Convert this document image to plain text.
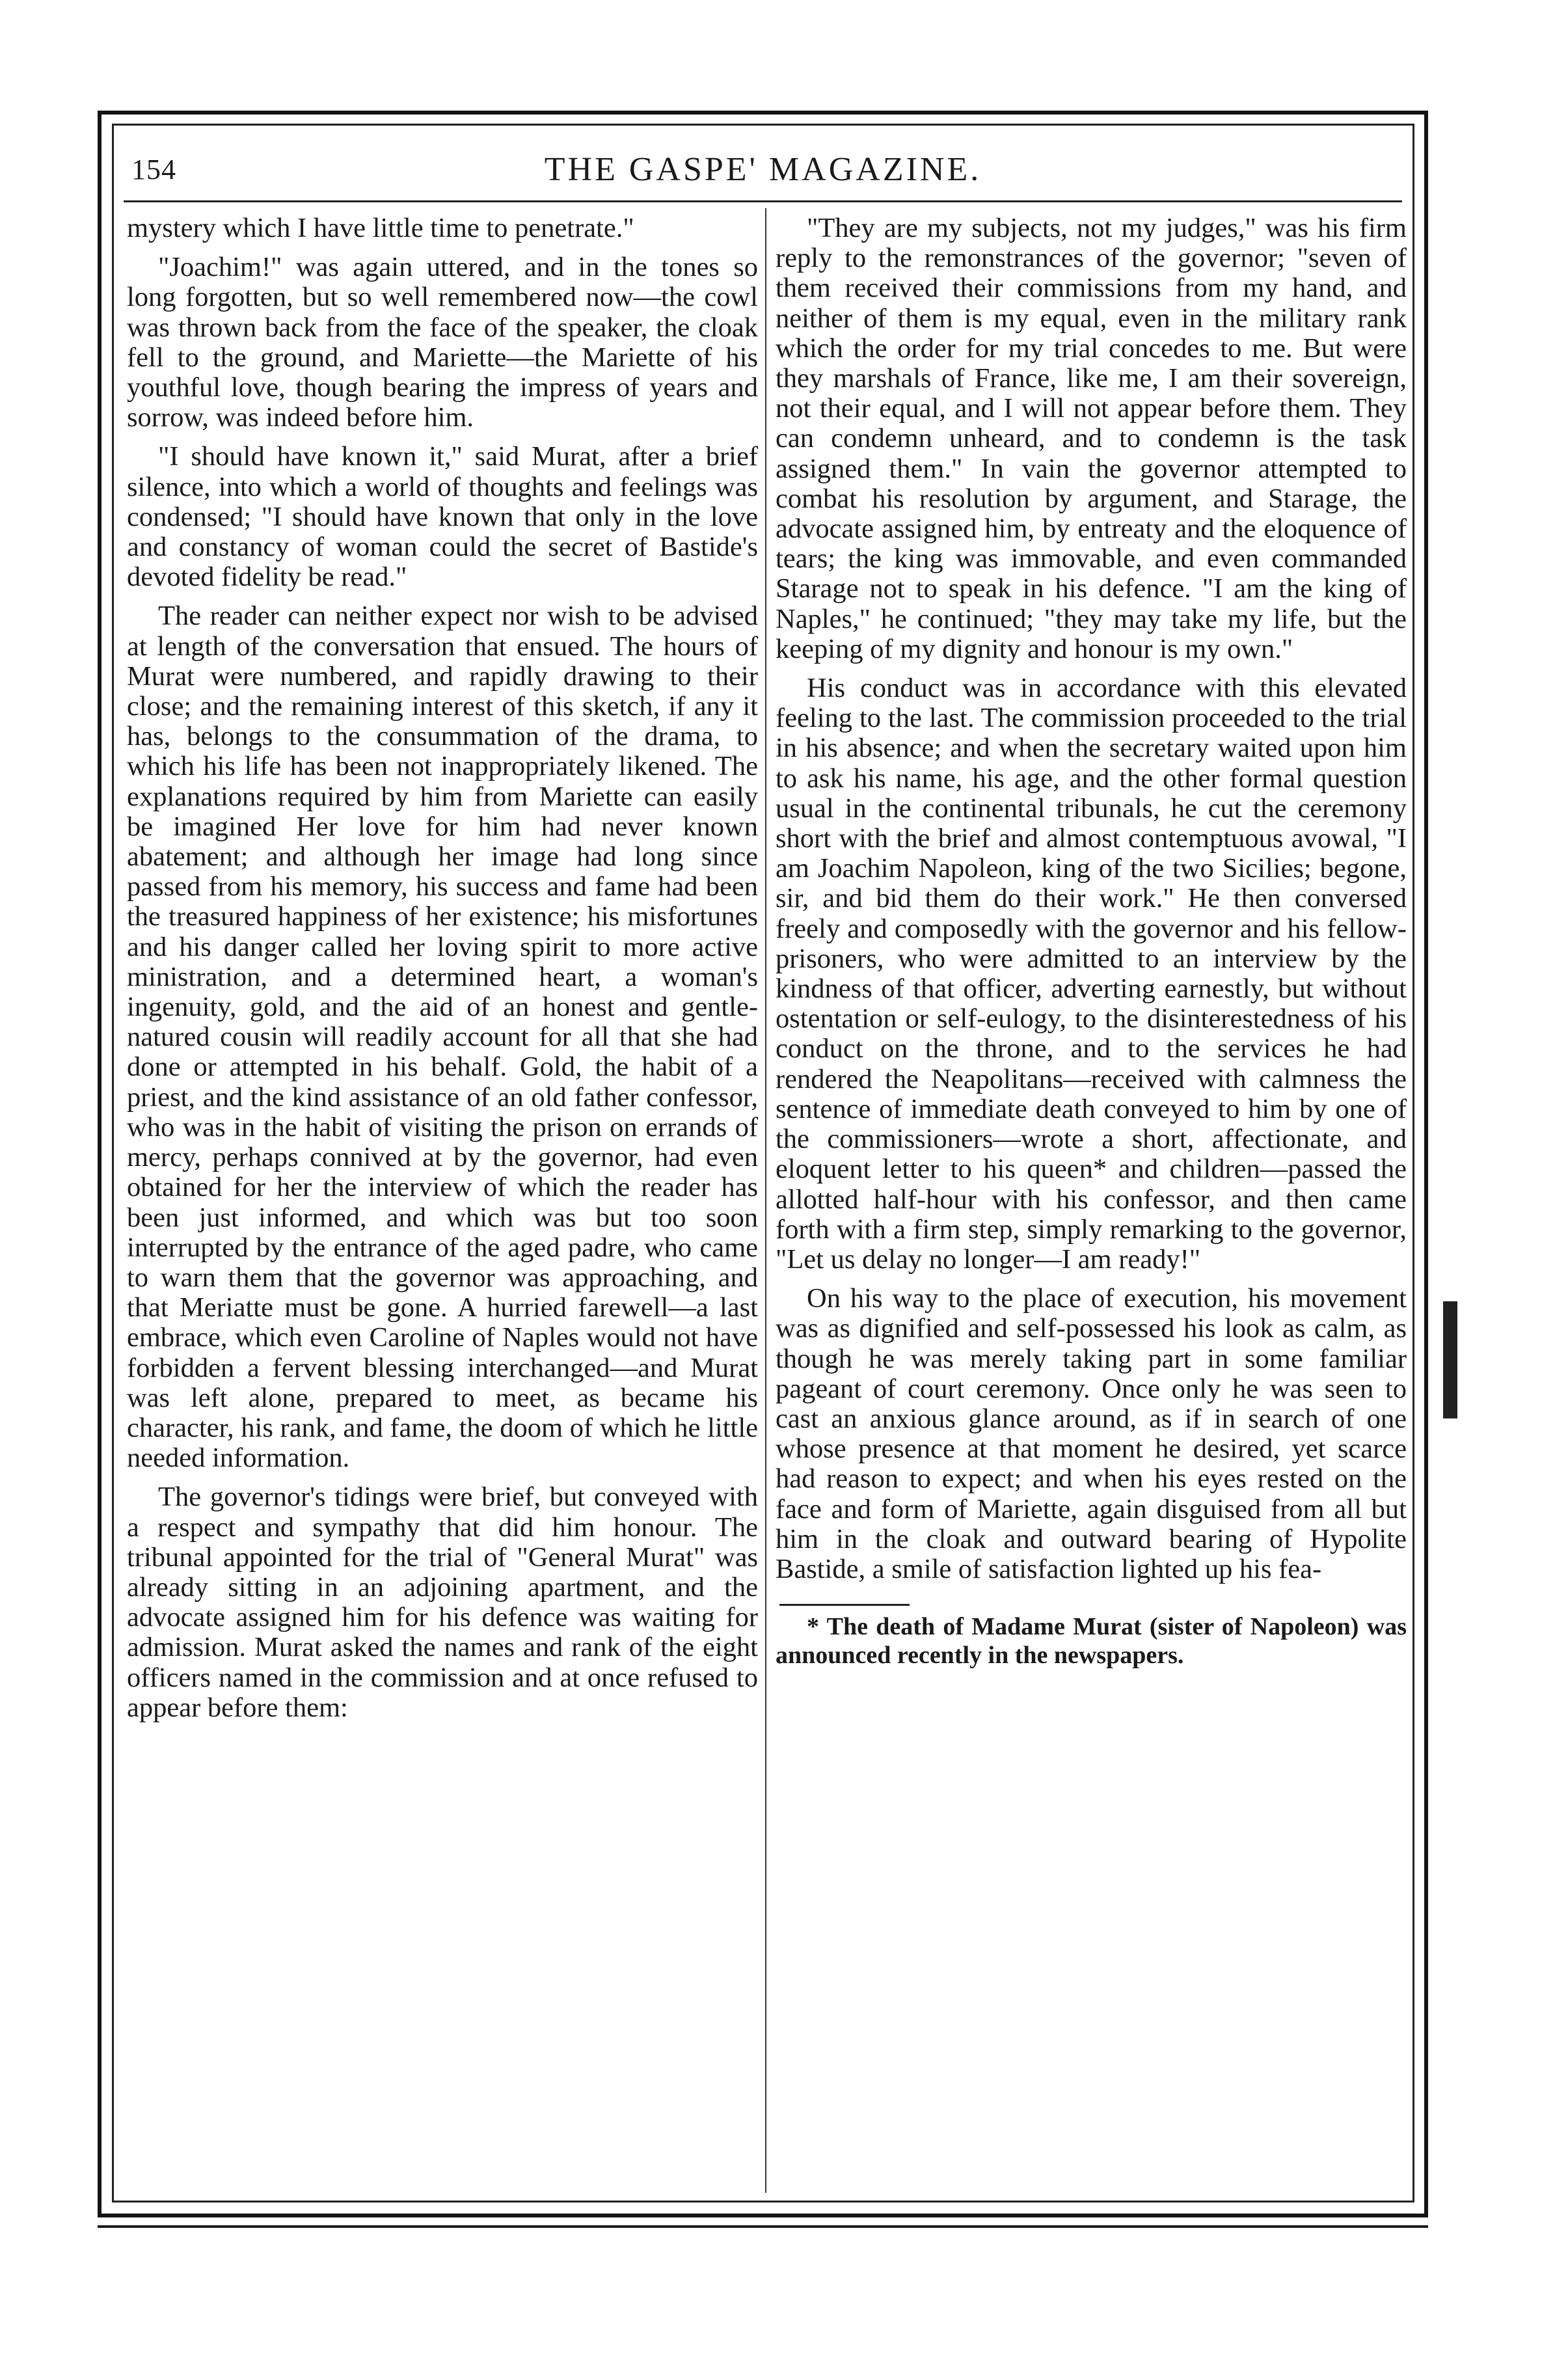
154	THE GASPE' MAGAZINE.

mystery which I have little time to penetrate."

"Joachim!" was again uttered, and in the tones so long forgotten, but so well remembered now—the cowl was thrown back from the face of the speaker, the cloak fell to the ground, and Mariette—the Mariette of his youthful love, though bearing the impress of years and sorrow, was indeed before him.

"I should have known it," said Murat, after a brief silence, into which a world of thoughts and feelings was condensed; "I should have known that only in the love and constancy of woman could the secret of Bastide's devoted fidelity be read."

The reader can neither expect nor wish to be advised at length of the conversation that ensued. The hours of Murat were numbered, and rapidly drawing to their close; and the remaining interest of this sketch, if any it has, belongs to the consummation of the drama, to which his life has been not inappropriately likened. The explanations required by him from Mariette can easily be imagined Her love for him had never known abatement; and although her image had long since passed from his memory, his success and fame had been the treasured happiness of her existence; his misfortunes and his danger called her loving spirit to more active ministration, and a determined heart, a woman's ingenuity, gold, and the aid of an honest and gentle-natured cousin will readily account for all that she had done or attempted in his behalf. Gold, the habit of a priest, and the kind assistance of an old father confessor, who was in the habit of visiting the prison on errands of mercy, perhaps connived at by the governor, had even obtained for her the interview of which the reader has been just informed, and which was but too soon interrupted by the entrance of the aged padre, who came to warn them that the governor was approaching, and that Meriatte must be gone. A hurried farewell—a last embrace, which even Caroline of Naples would not have forbidden a fervent blessing interchanged—and Murat was left alone, prepared to meet, as became his character, his rank, and fame, the doom of which he little needed information.

The governor's tidings were brief, but conveyed with a respect and sympathy that did him honour. The tribunal appointed for the trial of "General Murat" was already sitting in an adjoining apartment, and the advocate assigned him for his defence was waiting for admission. Murat asked the names and rank of the eight officers named in the commission and at once refused to appear before them:

"They are my subjects, not my judges," was his firm reply to the remonstrances of the governor; "seven of them received their commissions from my hand, and neither of them is my equal, even in the military rank which the order for my trial concedes to me. But were they marshals of France, like me, I am their sovereign, not their equal, and I will not appear before them. They can condemn unheard, and to condemn is the task assigned them." In vain the governor attempted to combat his resolution by argument, and Starage, the advocate assigned him, by entreaty and the eloquence of tears; the king was immovable, and even commanded Starage not to speak in his defence. "I am the king of Naples," he continued; "they may take my life, but the keeping of my dignity and honour is my own."

His conduct was in accordance with this elevated feeling to the last. The commission proceeded to the trial in his absence; and when the secretary waited upon him to ask his name, his age, and the other formal question usual in the continental tribunals, he cut the ceremony short with the brief and almost contemptuous avowal, "I am Joachim Napoleon, king of the two Sicilies; begone, sir, and bid them do their work." He then conversed freely and composedly with the governor and his fellow-prisoners, who were admitted to an interview by the kindness of that officer, adverting earnestly, but without ostentation or self-eulogy, to the disinterestedness of his conduct on the throne, and to the services he had rendered the Neapolitans—received with calmness the sentence of immediate death conveyed to him by one of the commissioners—wrote a short, affectionate, and eloquent letter to his queen* and children—passed the allotted half-hour with his confessor, and then came forth with a firm step, simply remarking to the governor, "Let us delay no longer—I am ready!"

On his way to the place of execution, his movement was as dignified and self-possessed his look as calm, as though he was merely taking part in some familiar pageant of court ceremony. Once only he was seen to cast an anxious glance around, as if in search of one whose presence at that moment he desired, yet scarce had reason to expect; and when his eyes rested on the face and form of Mariette, again disguised from all but him in the cloak and outward bearing of Hypolite Bastide, a smile of satisfaction lighted up his fea-

* The death of Madame Murat (sister of Napoleon) was announced recently in the newspapers.
